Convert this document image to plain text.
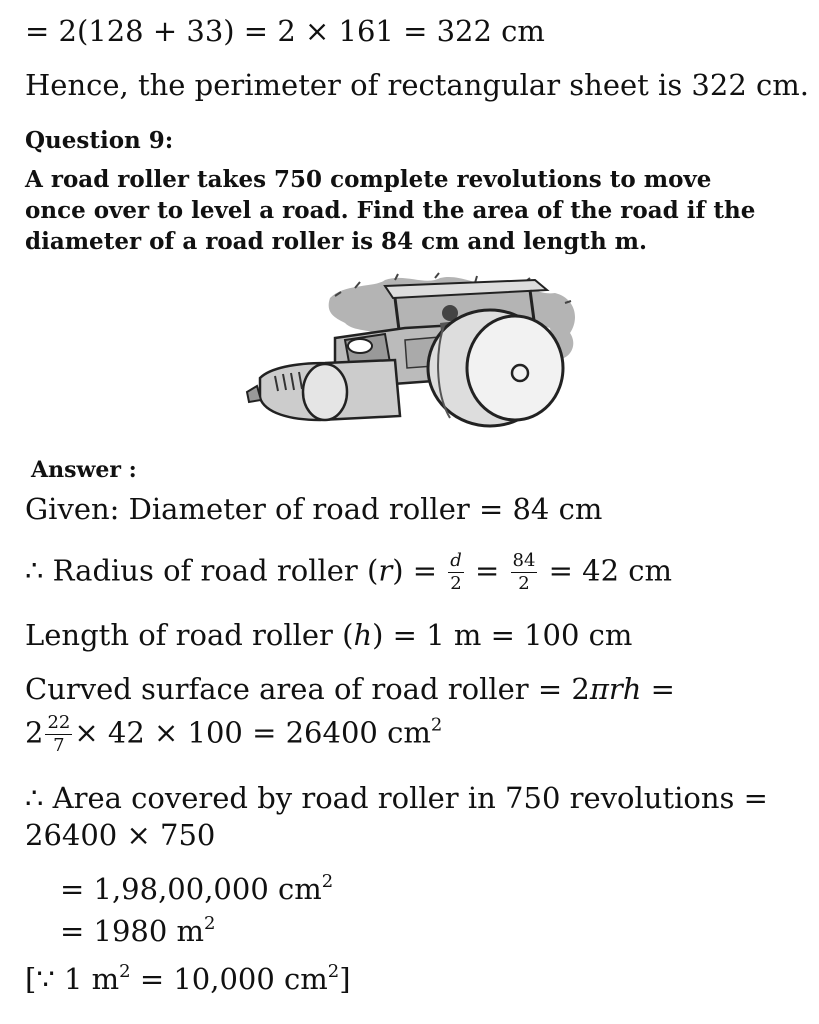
= 2(128 + 33) = 2 × 161 = 322 cm
Hence, the perimeter of rectangular sheet is 322 cm.
Question 9:
A road roller takes 750 complete revolutions to move
once over to level a road. Find the area of the road if the
diameter of a road roller is 84 cm and length m.
Answer :
Given: Diameter of road roller = 84 cm
∴ Radius of road roller $(r) = \frac{d}{2} = \frac{84}{2} = 42$ cm
Length of road roller (h) = 1 m = 100 cm
Curved surface area of road roller = 2πrh =
$2 \frac{22}{7} \times 42 \times 100 = 26400$ $cm^2$
∴ Area covered by road roller in 750 revolutions =
26400 × 750
= 1,98,00,000 $cm^2$
= 1980 $m^2$
[∵ 1 $m^2 = 10,000$ $cm^2$]
